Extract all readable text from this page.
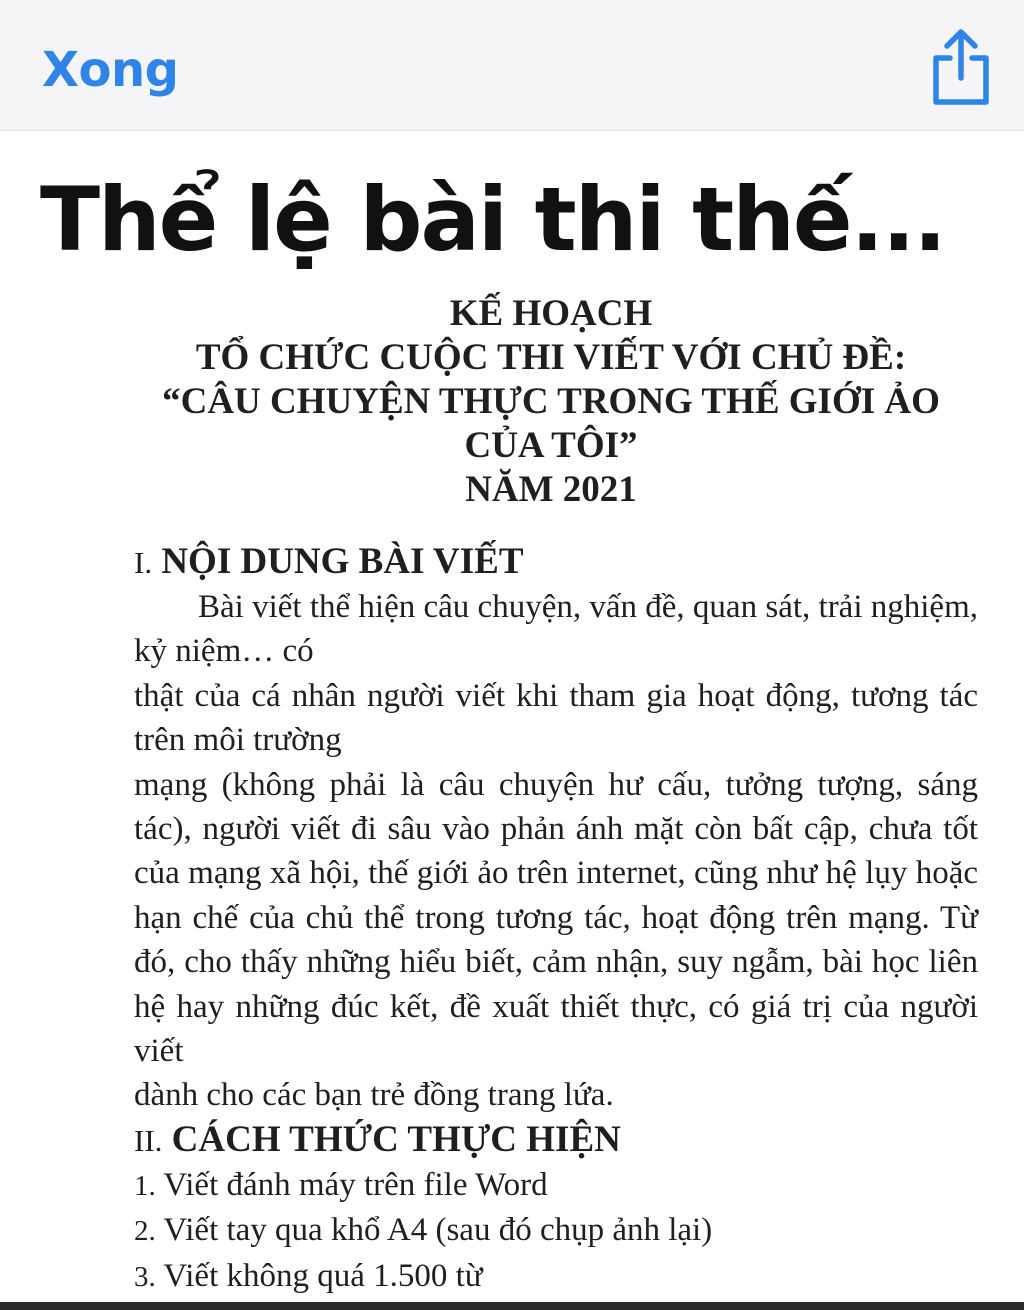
Xong
Thể lệ bài thi thế...
KẾ HOẠCH
TỔ CHỨC CUỘC THI VIẾT VỚI CHỦ ĐỀ:
“CÂU CHUYỆN THỰC TRONG THẾ GIỚI ẢO
CỦA TÔI”
NĂM 2021
I. NỘI DUNG BÀI VIẾT

Bài viết thể hiện câu chuyện, vấn đề, quan sát, trải nghiệm, kỷ niệm… có

thật của cá nhân người viết khi tham gia hoạt động, tương tác trên môi trường

mạng (không phải là câu chuyện hư cấu, tưởng tượng, sáng tác), người viết đi sâu vào phản ánh mặt còn bất cập, chưa tốt của mạng xã hội, thế giới ảo trên internet, cũng như hệ lụy hoặc hạn chế của chủ thể trong tương tác, hoạt động trên mạng. Từ đó, cho thấy những hiểu biết, cảm nhận, suy ngẫm, bài học liên hệ hay những đúc kết, đề xuất thiết thực, có giá trị của người viết

dành cho các bạn trẻ đồng trang lứa.

II. CÁCH THỨC THỰC HIỆN
1. Viết đánh máy trên file Word
2. Viết tay qua khổ A4 (sau đó chụp ảnh lại)
3. Viết không quá 1.500 từ
